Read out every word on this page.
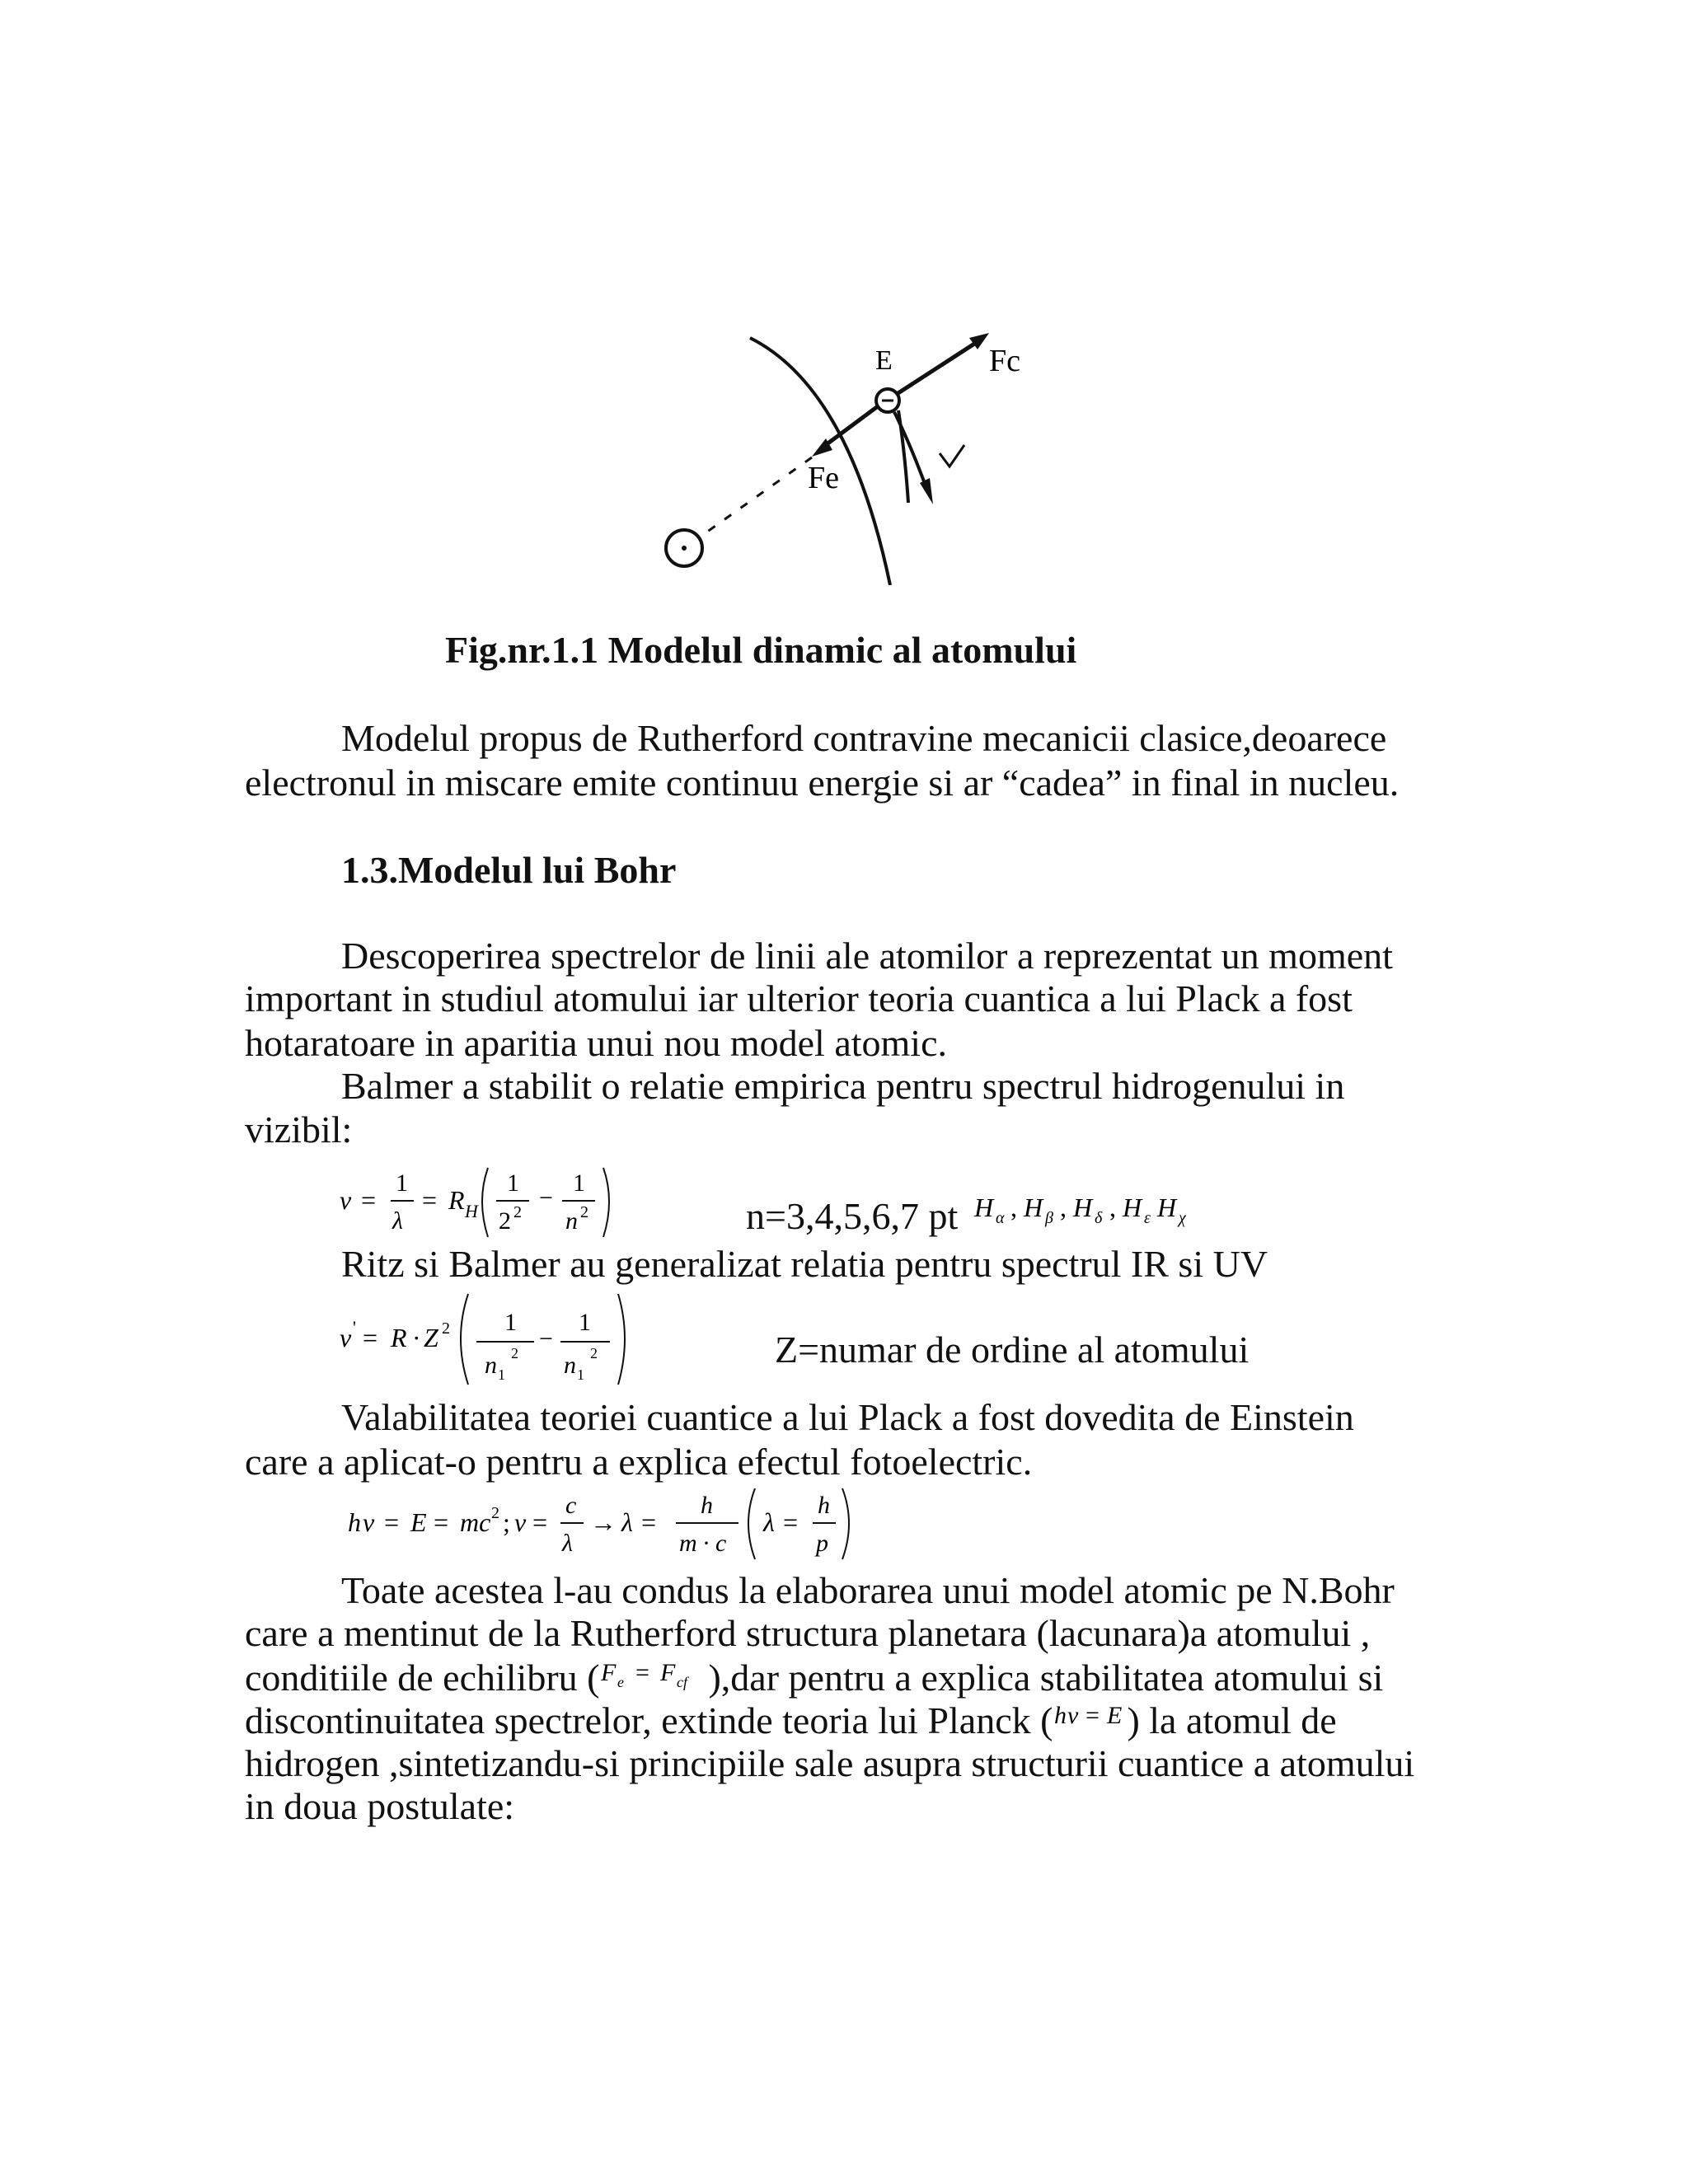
E	Fc
Fe
Fig.nr.1.1 Modelul dinamic al atomului
Modelul propus de Rutherford contravine mecanicii clasice,deoarece
electronul in miscare emite continuu energie si ar “cadea” in final in nucleu.
1.3.Modelul lui Bohr
Descoperirea spectrelor de linii ale atomilor a reprezentat un moment
important in studiul atomului iar ulterior teoria cuantica a lui Plack a fost
hotaratoare in aparitia unui nou model atomic.
Balmer a stabilit o relatie empirica pentru spectrul hidrogenului in
vizibil:
ν =
1
λ
= R H
1
2 2
−
1
n 2	n=3,4,5,6,7 pt H α , H β , H δ , H ε H χ
Ritz si Balmer au generalizat relatia pentru spectrul IR si UV
ν ' = R · Z 2 1
n 1
2
−
1
n 1
2	Z=numar de ordine al atomului
Valabilitatea teoriei cuantice a lui Plack a fost dovedita de Einstein
care a aplicat-o pentru a explica efectul fotoelectric.
h ν = E = mc 2 ; ν =
c
λ
→ λ =
h
m · c
λ =
h
p
Toate acestea l-au condus la elaborarea unui model atomic pe N.Bohr
care a mentinut de la Rutherford structura planetara (lacunara)a atomului ,
conditiile de echilibru ( F e = F cf ),dar pentru a explica stabilitatea atomului si
discontinuitatea spectrelor, extinde teoria lui Planck ( h ν = E ) la atomul de
hidrogen ,sintetizandu-si principiile sale asupra structurii cuantice a atomului
in doua postulate:
